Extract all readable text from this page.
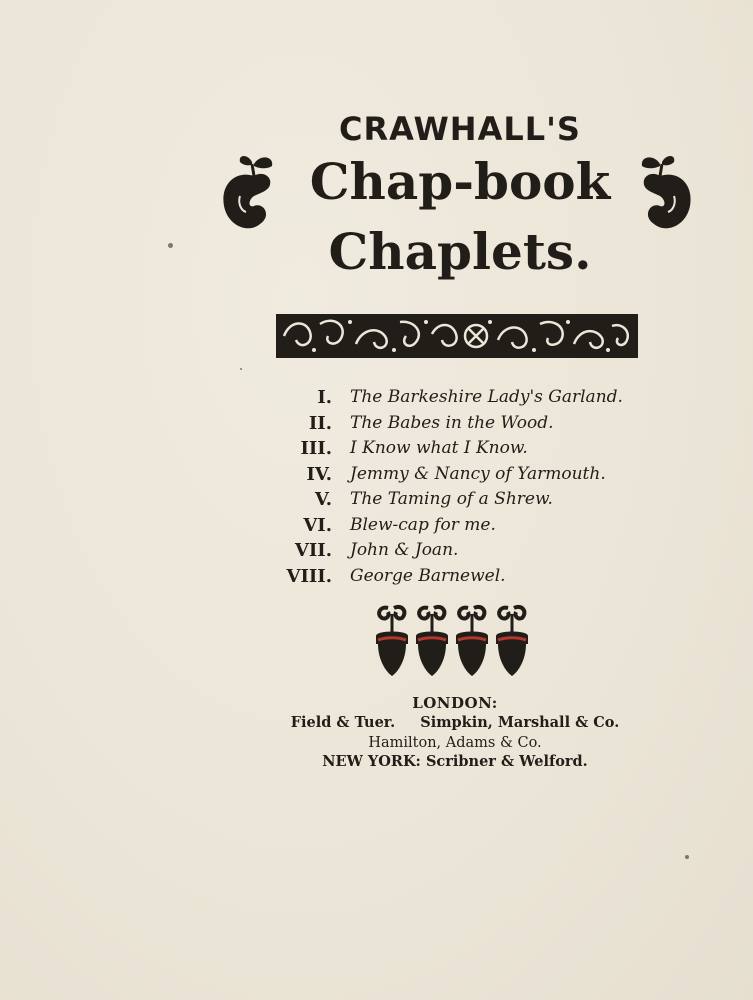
CRAWHALL'S
Chap-book
Chaplets.
I. The Barkeshire Lady's Garland.
II. The Babes in the Wood.
III. I Know what I Know.
IV. Jemmy & Nancy of Yarmouth.
V. The Taming of a Shrew.
VI. Blew-cap for me.
VII. John & Joan.
VIII. George Barnewel.
LONDON:
Field & Tuer. Simpkin, Marshall & Co.
Hamilton, Adams & Co.
NEW YORK: Scribner & Welford.
